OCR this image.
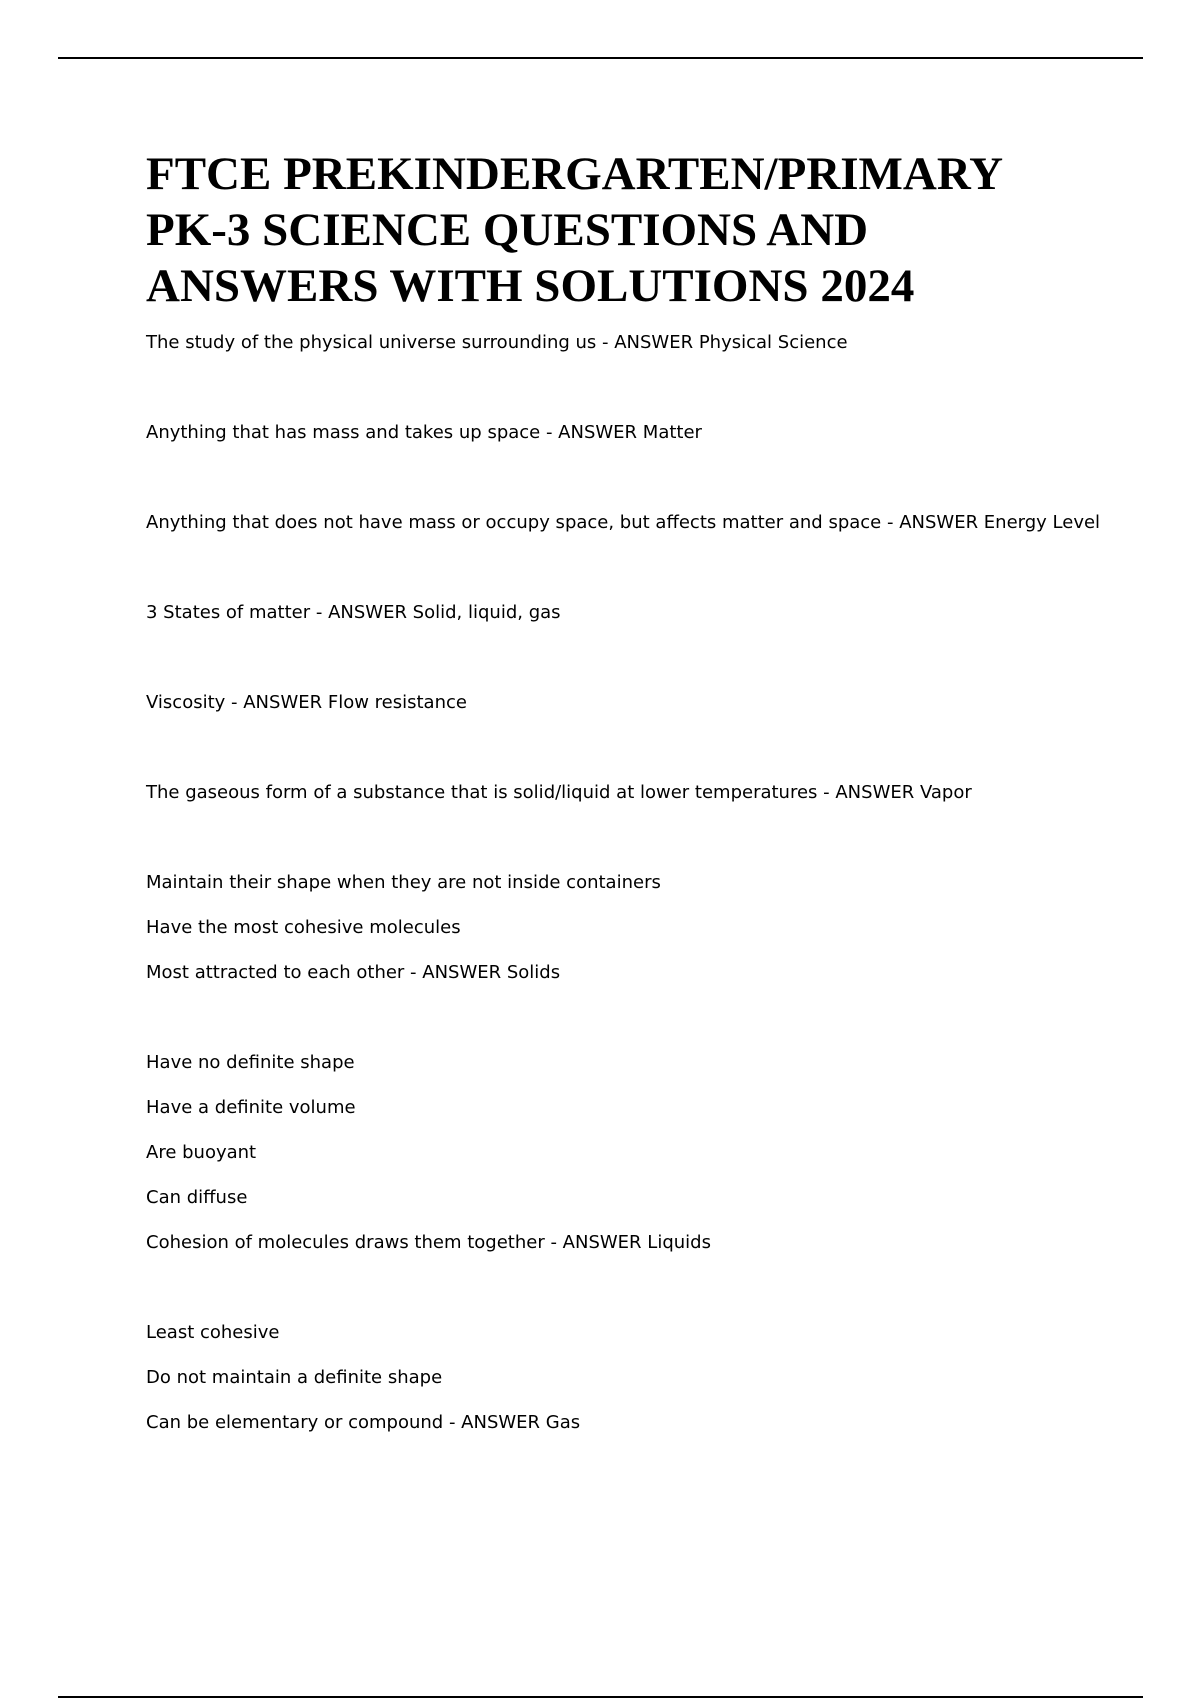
FTCE PREKINDERGARTEN/PRIMARY
PK-3 SCIENCE QUESTIONS AND
ANSWERS WITH SOLUTIONS 2024
The study of the physical universe surrounding us - ANSWER Physical Science
Anything that has mass and takes up space - ANSWER Matter
Anything that does not have mass or occupy space, but affects matter and space - ANSWER Energy Level
3 States of matter - ANSWER Solid, liquid, gas
Viscosity - ANSWER Flow resistance
The gaseous form of a substance that is solid/liquid at lower temperatures - ANSWER Vapor
Maintain their shape when they are not inside containers
Have the most cohesive molecules
Most attracted to each other - ANSWER Solids
Have no definite shape
Have a definite volume
Are buoyant
Can diffuse
Cohesion of molecules draws them together - ANSWER Liquids
Least cohesive
Do not maintain a definite shape
Can be elementary or compound - ANSWER Gas
